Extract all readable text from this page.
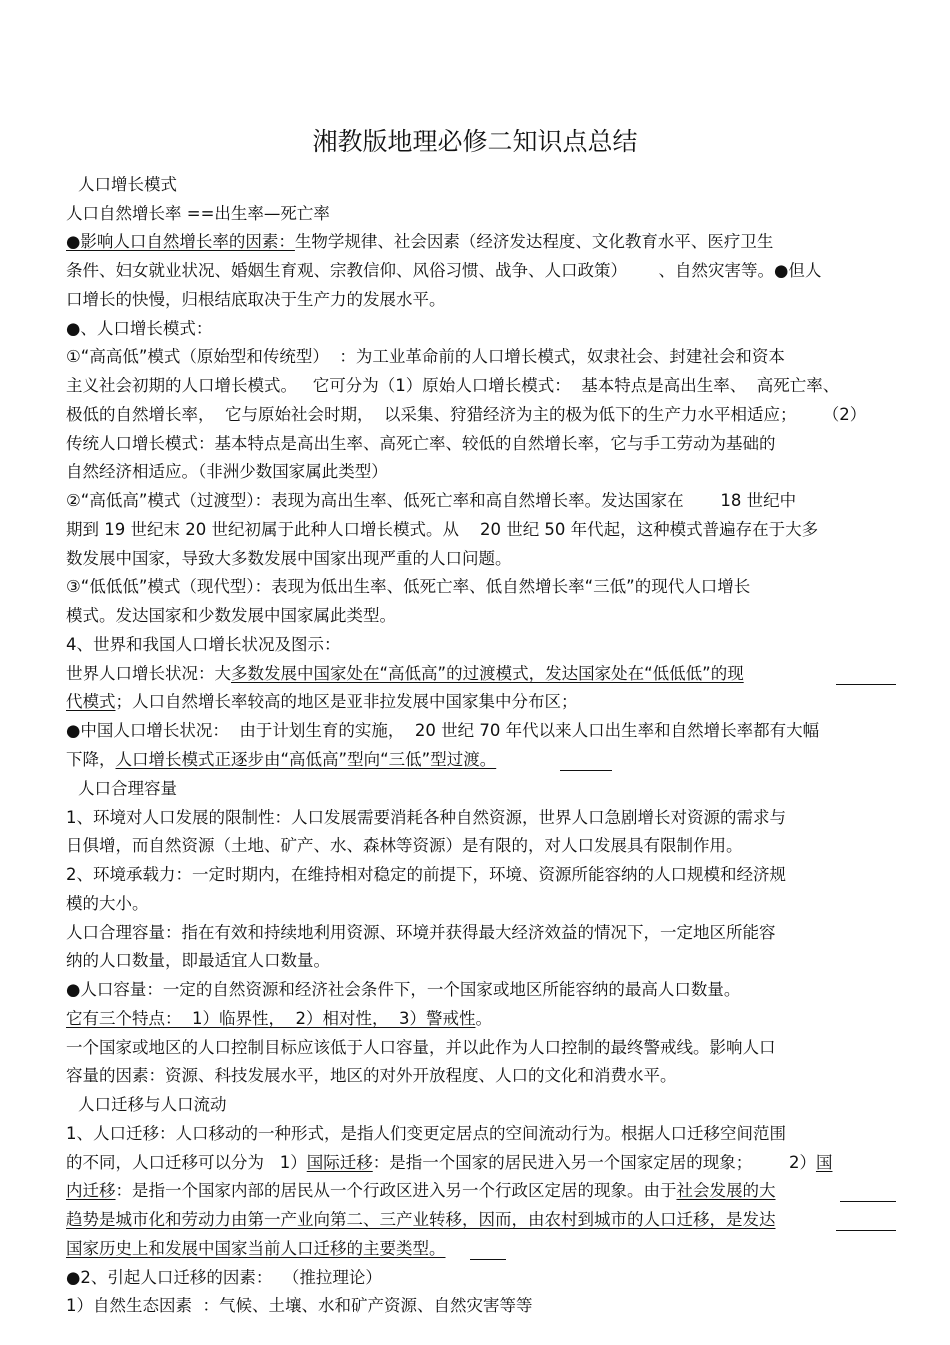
湘教版地理必修二知识点总结
人口增长模式
人口自然增长率 ==出生率—死亡率
●影响人口自然增长率的因素：生物学规律、社会因素（经济发达程度、文化教育水平、医疗卫生
条件、妇女就业状况、婚姻生育观、宗教信仰、风俗习惯、战争、人口政策）      、自然灾害等。●但人
口增长的快慢，归根结底取决于生产力的发展水平。
●、人口增长模式：
①“高高低”模式（原始型和传统型）  ：为工业革命前的人口增长模式，奴隶社会、封建社会和资本
主义社会初期的人口增长模式。   它可分为（1）原始人口增长模式：  基本特点是高出生率、  高死亡率、
极低的自然增长率，  它与原始社会时期，  以采集、狩猎经济为主的极为低下的生产力水平相适应；     （2）
传统人口增长模式：基本特点是高出生率、高死亡率、较低的自然增长率，它与手工劳动为基础的
自然经济相适应。（非洲少数国家属此类型）
②“高低高”模式（过渡型）：表现为高出生率、低死亡率和高自然增长率。发达国家在       18 世纪中
期到 19 世纪末 20 世纪初属于此种人口增长模式。从    20 世纪 50 年代起，这种模式普遍存在于大多
数发展中国家，导致大多数发展中国家出现严重的人口问题。
③“低低低”模式（现代型）：表现为低出生率、低死亡率、低自然增长率“三低”的现代人口增长
模式。发达国家和少数发展中国家属此类型。
4、世界和我国人口增长状况及图示：
世界人口增长状况：大多数发展中国家处在“高低高”的过渡模式，发达国家处在“低低低”的现
代模式；人口自然增长率较高的地区是亚非拉发展中国家集中分布区；
●中国人口增长状况：  由于计划生育的实施，  20 世纪 70 年代以来人口出生率和自然增长率都有大幅
下降，人口增长模式正逐步由“高低高”型向“三低”型过渡。
人口合理容量
1、环境对人口发展的限制性：人口发展需要消耗各种自然资源，世界人口急剧增长对资源的需求与
日俱增，而自然资源（土地、矿产、水、森林等资源）是有限的，对人口发展具有限制作用。
2、环境承载力：一定时期内，在维持相对稳定的前提下，环境、资源所能容纳的人口规模和经济规
模的大小。
人口合理容量：指在有效和持续地利用资源、环境并获得最大经济效益的情况下，一定地区所能容
纳的人口数量，即最适宜人口数量。
●人口容量：一定的自然资源和经济社会条件下，一个国家或地区所能容纳的最高人口数量。
它有三个特点：  1）临界性，  2）相对性，  3）警戒性。
一个国家或地区的人口控制目标应该低于人口容量，并以此作为人口控制的最终警戒线。影响人口
容量的因素：资源、科技发展水平，地区的对外开放程度、人口的文化和消费水平。
人口迁移与人口流动
1、人口迁移：人口移动的一种形式，是指人们变更定居点的空间流动行为。根据人口迁移空间范围
的不同，人口迁移可以分为   1）国际迁移：是指一个国家的居民进入另一个国家定居的现象；       2）国
内迁移：是指一个国家内部的居民从一个行政区进入另一个行政区定居的现象。由于社会发展的大
趋势是城市化和劳动力由第一产业向第二、三产业转移，因而，由农村到城市的人口迁移，是发达
国家历史上和发展中国家当前人口迁移的主要类型。
●2、引起人口迁移的因素：  （推拉理论）
1）自然生态因素  ：气候、土壤、水和矿产资源、自然灾害等等
